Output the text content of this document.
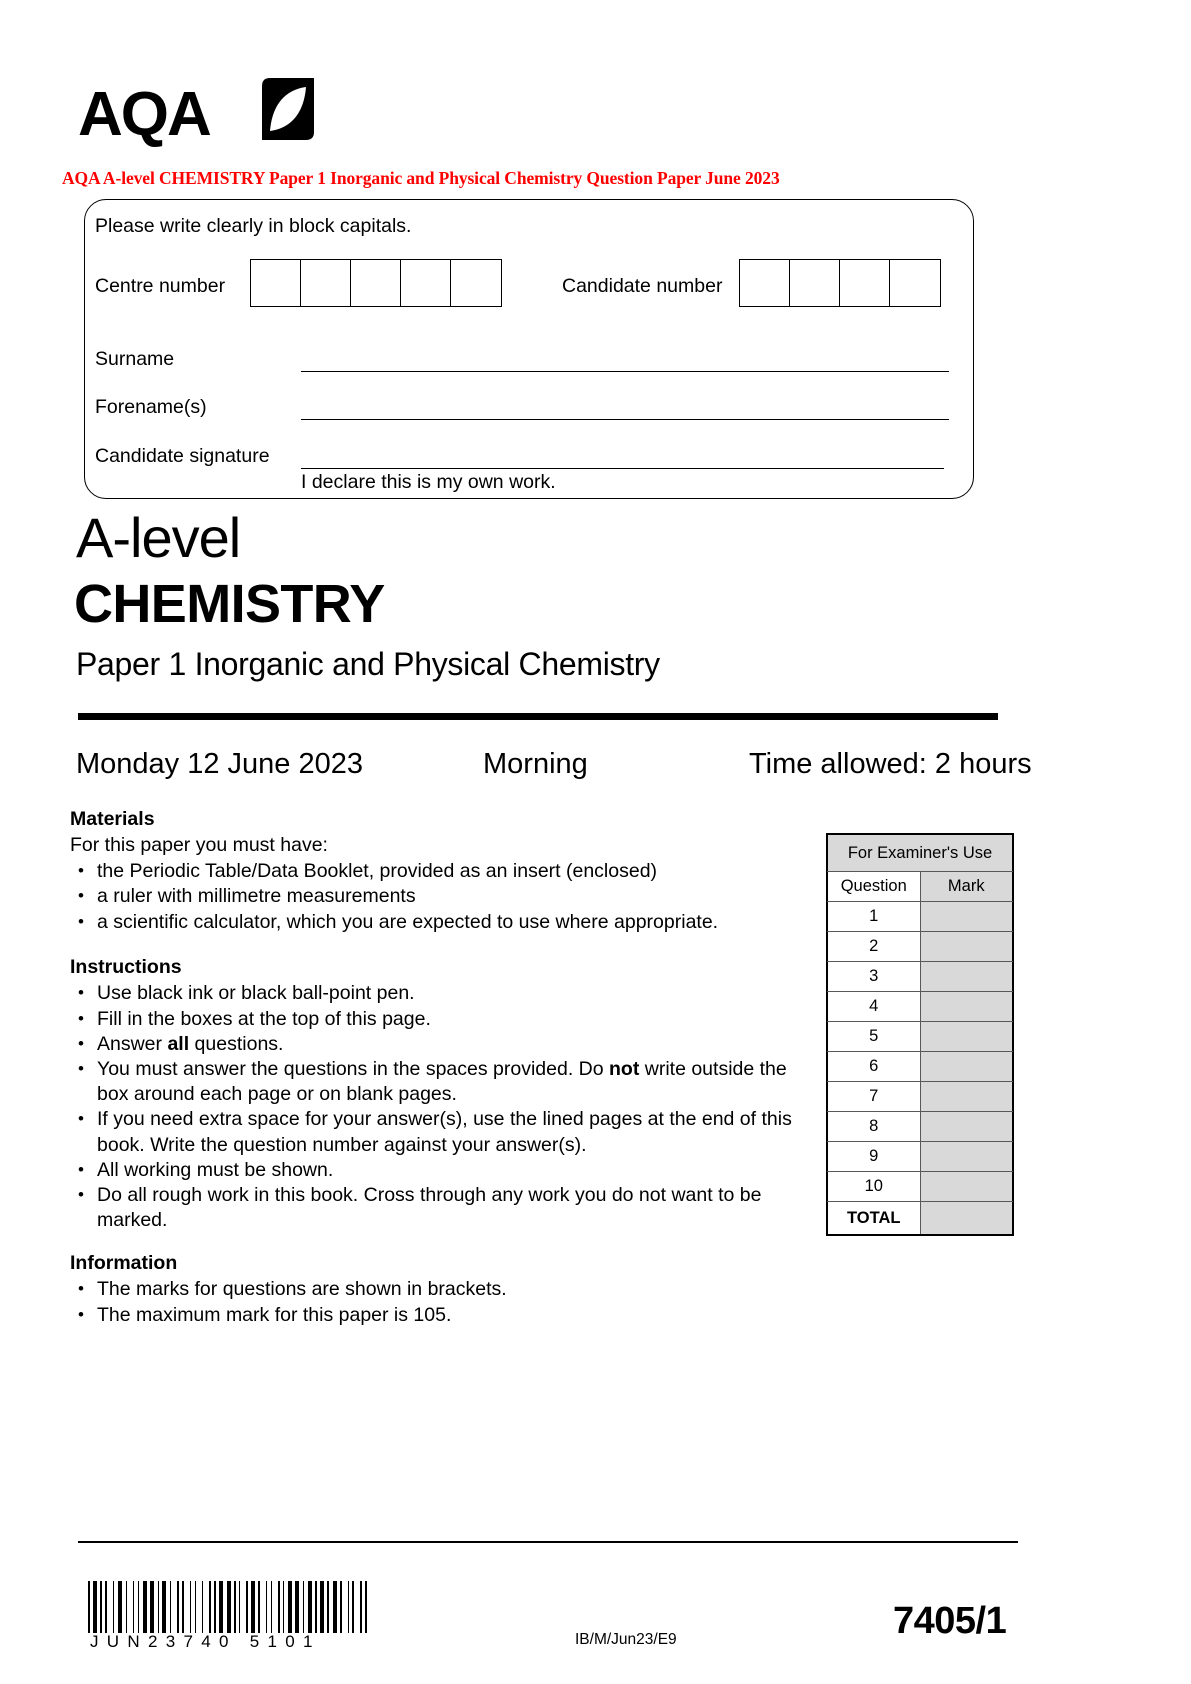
AQA
AQA A-level CHEMISTRY Paper 1 Inorganic and Physical Chemistry Question Paper June 2023
Please write clearly in block capitals.
Centre number	Candidate number
Surname
Forename(s)
Candidate signature
I declare this is my own work.
A-level
CHEMISTRY
Paper 1 Inorganic and Physical Chemistry
Monday 12 June 2023	Morning	Time allowed: 2 hours
Materials

For this paper you must have:

• the Periodic Table/Data Booklet, provided as an insert (enclosed)
• a ruler with millimetre measurements
• a scientific calculator, which you are expected to use where appropriate.
Instructions
• Use black ink or black ball-point pen.
• Fill in the boxes at the top of this page.
• Answer all questions.
• You must answer the questions in the spaces provided. Do not write outside the box around each page or on blank pages.
• If you need extra space for your answer(s), use the lined pages at the end of this book. Write the question number against your answer(s).
• All working must be shown.
• Do all rough work in this book. Cross through any work you do not want to be marked.
Information
• The marks for questions are shown in brackets.
• The maximum mark for this paper is 105.
For Examiner's Use	
Question	Mark
1	
2	
3	
4	
5	
6	
7	
8	
9	
10	
TOTAL	
JUN23740 5101	IB/M/Jun23/E9	7405/1
